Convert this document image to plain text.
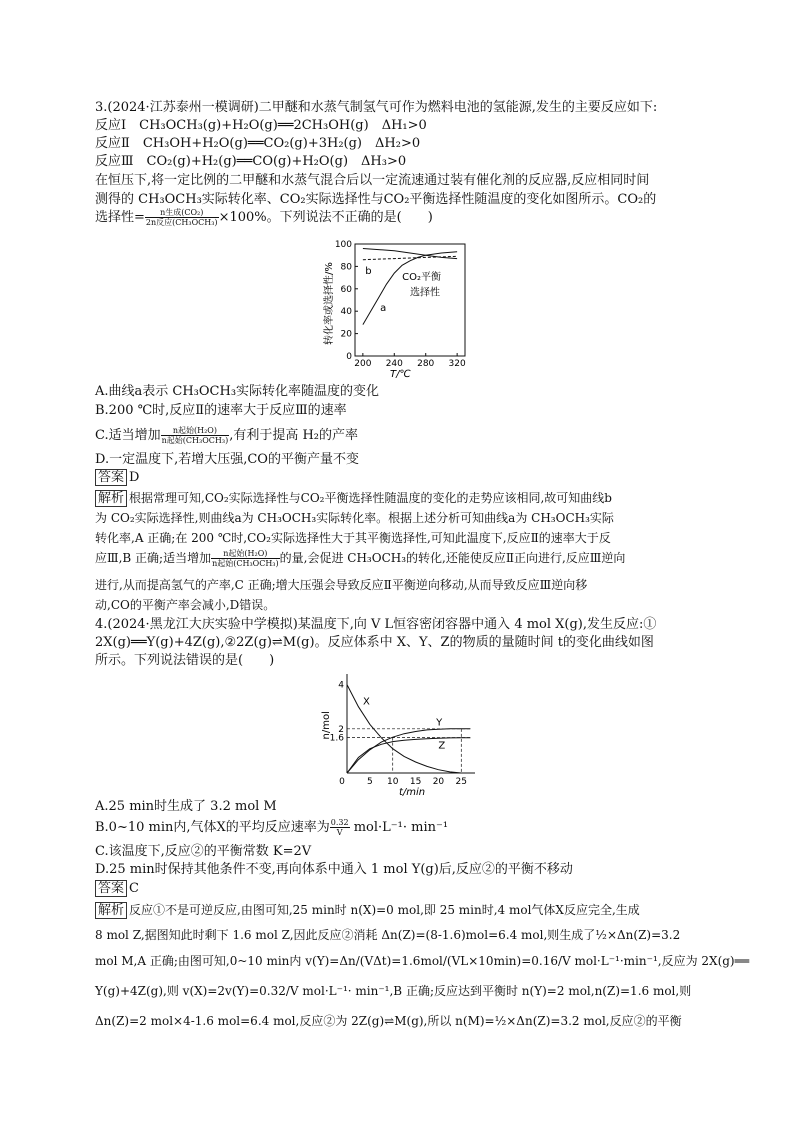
3.(2024·江苏泰州一模调研)二甲醚和水蒸气制氢气可作为燃料电池的氢能源,发生的主要反应如下:
反应Ⅰ　CH₃OCH₃(g)+H₂O(g)══2CH₃OH(g)　ΔH₁>0
反应Ⅱ　CH₃OH+H₂O(g)══CO₂(g)+3H₂(g)　ΔH₂>0
反应Ⅲ　CO₂(g)+H₂(g)══CO(g)+H₂O(g)　ΔH₃>0
在恒压下,将一定比例的二甲醚和水蒸气混合后以一定流速通过装有催化剂的反应器,反应相同时间
测得的 CH₃OCH₃实际转化率、CO₂实际选择性与CO₂平衡选择性随温度的变化如图所示。CO₂的
选择性= $\frac{\text{n生成(CO₂)}}{\text{2n反应(CH₃OCH₃)}} \times 100\%$。下列说法不正确的是(　　)
0
20
40
60
80
100
200 240 280 320
T/℃
转化率或选择性/%	a
b
CO₂平衡
选择性
A.曲线a表示 CH₃OCH₃实际转化率随温度的变化
B.200 ℃时,反应Ⅱ的速率大于反应Ⅲ的速率
C.适当增加 $\frac{\text{n起始(H₂O)}}{\text{n起始(CH₃OCH₃)}}$ ,有利于提高 H₂的产率
D.一定温度下,若增大压强,CO的平衡产量不变
答案 D
解析 根据常理可知,CO₂实际选择性与CO₂平衡选择性随温度的变化的走势应该相同,故可知曲线b
为 CO₂实际选择性,则曲线a为 CH₃OCH₃实际转化率。根据上述分析可知曲线a为 CH₃OCH₃实际
转化率,A 正确;在 200 ℃时,CO₂实际选择性大于其平衡选择性,可知此温度下,反应Ⅱ的速率大于反
应Ⅲ,B 正确;适当增加 $\frac{\text{n起始(H₂O)}}{\text{n起始(CH₃OCH₃)}}$ 的量,会促进 CH₃OCH₃的转化,还能使反应Ⅱ正向进行,反应Ⅲ逆向
进行,从而提高氢气的产率,C 正确;增大压强会导致反应Ⅱ平衡逆向移动,从而导致反应Ⅲ逆向移
动,CO的平衡产率会减小,D错误。
4.(2024·黑龙江大庆实验中学模拟)某温度下,向 V L恒容密闭容器中通入 4 mol X(g),发生反应:①
2X(g)══Y(g)+4Z(g),②2Z(g)⇌M(g)。反应体系中 X、Y、Z的物质的量随时间 t的变化曲线如图
所示。下列说法错误的是(　　)
1.6
2
4
0 5 10 15 20 25
t/min
n/mol
X
Y
Z
A.25 min时生成了 3.2 mol M
B.0~10 min内,气体X的平均反应速率为 $\frac{0.32}{V} mol\cdot L^{-1}\cdot \min^{-1}$
C.该温度下,反应②的平衡常数 K=2V
D.25 min时保持其他条件不变,再向体系中通入 1 mol Y(g)后,反应②的平衡不移动
答案 C
解析 反应①不是可逆反应,由图可知,25 min时 n(X)=0 mol,即 25 min时,4 mol气体X反应完全,生成
8 mol Z,据图知此时剩下 1.6 mol Z,因此反应②消耗 Δn(Z)=(8-1.6)mol=6.4 mol,则生成了½×Δn(Z)=3.2
mol M,A 正确;由图可知,0~10 min内 v(Y)=Δn/(VΔt)=1.6mol/(VL×10min)=0.16/V mol·L⁻¹·min⁻¹,反应为 2X(g)══
Y(g)+4Z(g),则 v(X)=2v(Y)=0.32/V mol·L⁻¹· min⁻¹,B 正确;反应达到平衡时 n(Y)=2 mol,n(Z)=1.6 mol,则
Δn(Z)=2 mol×4-1.6 mol=6.4 mol,反应②为 2Z(g)⇌M(g),所以 n(M)=½×Δn(Z)=3.2 mol,反应②的平衡
